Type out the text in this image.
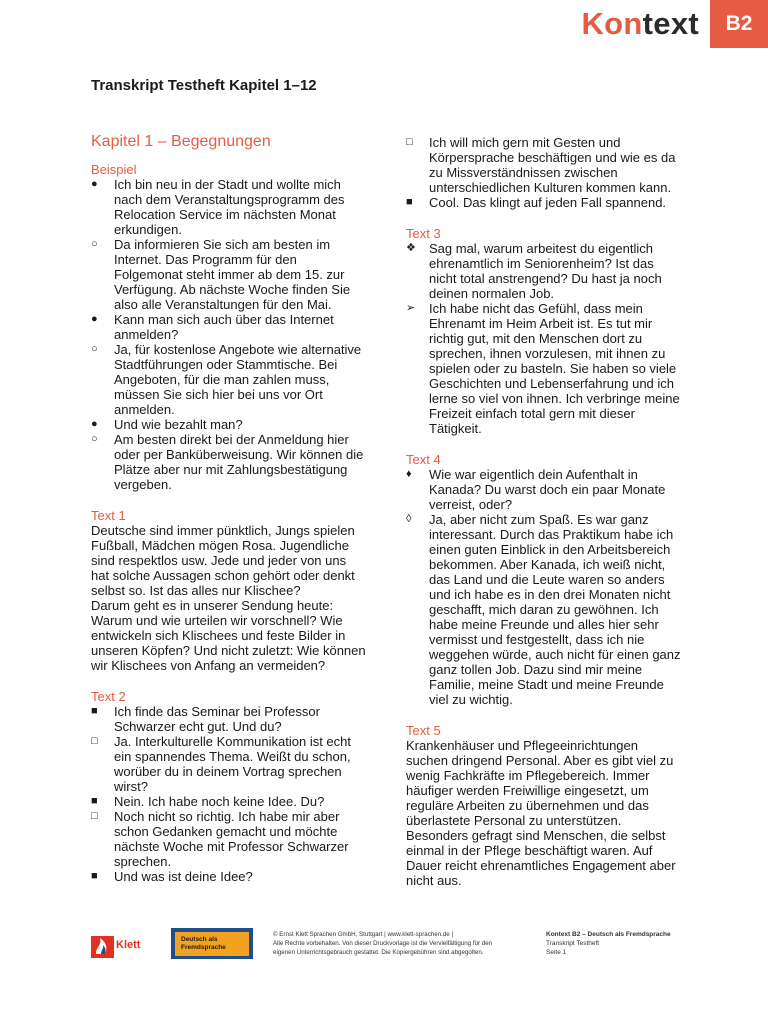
Kontext	B2
Transkript Testheft Kapitel 1–12
Kapitel 1 – Begegnungen
Beispiel
●	Ich bin neu in der Stadt und wollte mich nach dem Veranstaltungsprogramm des Relocation Service im nächsten Monat erkundigen.
○	Da informieren Sie sich am besten im Internet. Das Programm für den Folgemonat steht immer ab dem 15. zur Verfügung. Ab nächste Woche finden Sie also alle Veranstaltungen für den Mai.
●	Kann man sich auch über das Internet anmelden?
○	Ja, für kostenlose Angebote wie alternative Stadtführungen oder Stammtische. Bei Angeboten, für die man zahlen muss, müssen Sie sich hier bei uns vor Ort anmelden.
●	Und wie bezahlt man?
○	Am besten direkt bei der Anmeldung hier oder per Banküberweisung. Wir können die Plätze aber nur mit Zahlungsbestätigung vergeben.
Text 1

Deutsche sind immer pünktlich, Jungs spielen Fußball, Mädchen mögen Rosa. Jugendliche sind respektlos usw. Jede und jeder von uns hat solche Aussagen schon gehört oder denkt selbst so. Ist das alles nur Klischee?

Darum geht es in unserer Sendung heute: Warum und wie urteilen wir vorschnell? Wie entwickeln sich Klischees und feste Bilder in unseren Köpfen? Und nicht zuletzt: Wie können wir Klischees von Anfang an vermeiden?

Text 2
■	Ich finde das Seminar bei Professor Schwarzer echt gut. Und du?
□	Ja. Interkulturelle Kommunikation ist echt ein spannendes Thema. Weißt du schon, worüber du in deinem Vortrag sprechen wirst?
■	Nein. Ich habe noch keine Idee. Du?
□	Noch nicht so richtig. Ich habe mir aber schon Gedanken gemacht und möchte nächste Woche mit Professor Schwarzer sprechen.
■	Und was ist deine Idee?
□	Ich will mich gern mit Gesten und Körpersprache beschäftigen und wie es da zu Missverständnissen zwischen unterschiedlichen Kulturen kommen kann.
■	Cool. Das klingt auf jeden Fall spannend.
Text 3
❖	Sag mal, warum arbeitest du eigentlich ehrenamtlich im Seniorenheim? Ist das nicht total anstrengend? Du hast ja noch deinen normalen Job.
➢	Ich habe nicht das Gefühl, dass mein Ehrenamt im Heim Arbeit ist. Es tut mir richtig gut, mit den Menschen dort zu sprechen, ihnen vorzulesen, mit ihnen zu spielen oder zu basteln. Sie haben so viele Geschichten und Lebenserfahrung und ich lerne so viel von ihnen. Ich verbringe meine Freizeit einfach total gern mit dieser Tätigkeit.
Text 4
♦	Wie war eigentlich dein Aufenthalt in Kanada? Du warst doch ein paar Monate verreist, oder?
◊	Ja, aber nicht zum Spaß. Es war ganz interessant. Durch das Praktikum habe ich einen guten Einblick in den Arbeitsbereich bekommen. Aber Kanada, ich weiß nicht, das Land und die Leute waren so anders und ich habe es in den drei Monaten nicht geschafft, mich daran zu gewöhnen. Ich habe meine Freunde und alles hier sehr vermisst und festgestellt, dass ich nie weggehen würde, auch nicht für einen ganz ganz tollen Job. Dazu sind mir meine Familie, meine Stadt und meine Freunde viel zu wichtig.
Text 5

Krankenhäuser und Pflegeeinrichtungen suchen dringend Personal. Aber es gibt viel zu wenig Fachkräfte im Pflegebereich. Immer häufiger werden Freiwillige eingesetzt, um reguläre Arbeiten zu übernehmen und das überlastete Personal zu unterstützen. Besonders gefragt sind Menschen, die selbst einmal in der Pflege beschäftigt waren. Auf Dauer reicht ehrenamtliches Engagement aber nicht aus.

Klett	Deutsch als
Fremdsprache
© Ernst Klett Sprachen GmbH, Stuttgart | www.klett-sprachen.de |
Alle Rechte vorbehalten. Von dieser Druckvorlage ist die Vervielfältigung für den
eigenen Unterrichtsgebrauch gestattet. Die Kopiergebühren sind abgegolten.
Kontext B2 – Deutsch als Fremdsprache
Transkript Testheft
Seite 1
